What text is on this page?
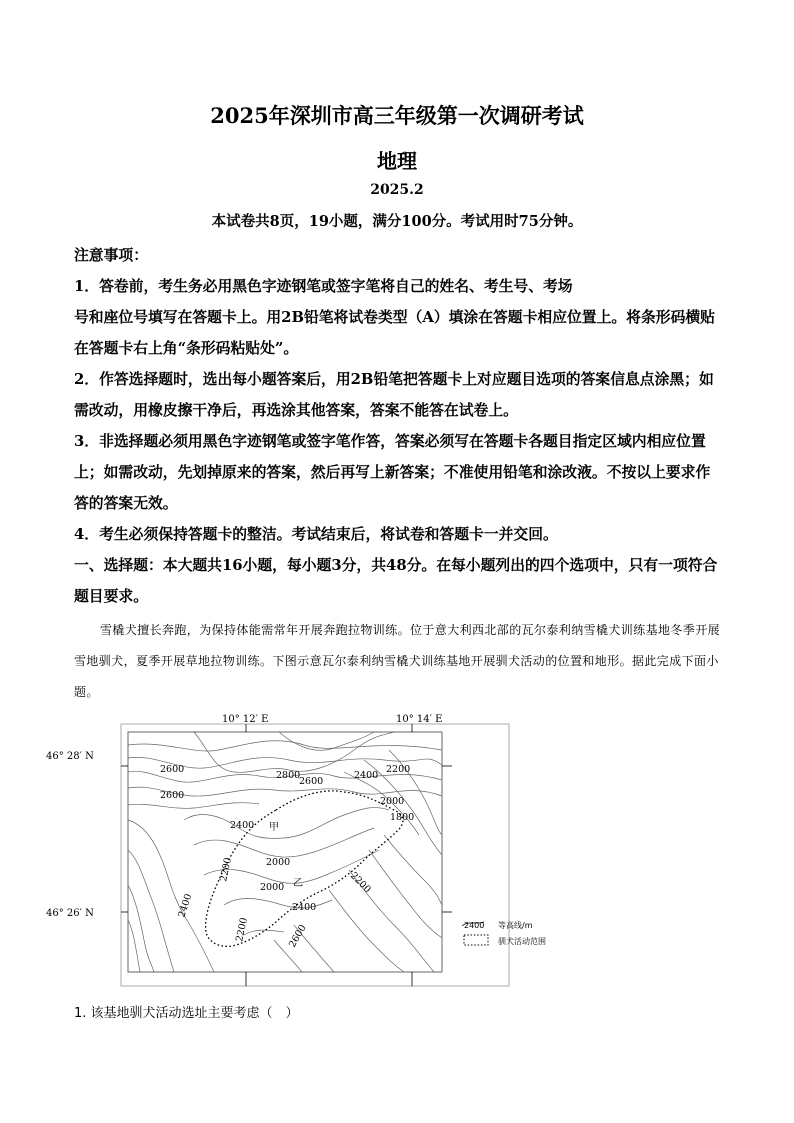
2025年深圳市高三年级第一次调研考试
地理
2025.2
本试卷共8页，19小题，满分100分。考试用时75分钟。

注意事项：

1．答卷前，考生务必用黑色字迹钢笔或签字笔将自己的姓名、考生号、考场

号和座位号填写在答题卡上。用2B铅笔将试卷类型（A）填涂在答题卡相应位置上。将条形码横贴在答题卡右上角“条形码粘贴处”。

2．作答选择题时，选出每小题答案后，用2B铅笔把答题卡上对应题目选项的答案信息点涂黑；如需改动，用橡皮擦干净后，再选涂其他答案，答案不能答在试卷上。

3．非选择题必须用黑色字迹钢笔或签字笔作答，答案必须写在答题卡各题目指定区域内相应位置上；如需改动，先划掉原来的答案，然后再写上新答案；不准使用铅笔和涂改液。不按以上要求作答的答案无效。

4．考生必须保持答题卡的整洁。考试结束后，将试卷和答题卡一并交回。

一、选择题：本大题共16小题，每小题3分，共48分。在每小题列出的四个选项中，只有一项符合题目要求。

雪橇犬擅长奔跑，为保持体能需常年开展奔跑拉物训练。位于意大利西北部的瓦尔泰利纳雪橇犬训练基地冬季开展雪地驯犬，夏季开展草地拉物训练。下图示意瓦尔泰利纳雪橇犬训练基地开展驯犬活动的位置和地形。据此完成下面小题。
10° 12′ E	10° 14′ E
46° 28′ N
46° 26′ N
2600
2600
2800
2600
2400
2200
2000
1800
2400
2200	2000
2000	2200
2400
2400
2200	2600
甲
乙
2400 等高线/m
驯犬活动范围
1. 该基地驯犬活动选址主要考虑（　）
